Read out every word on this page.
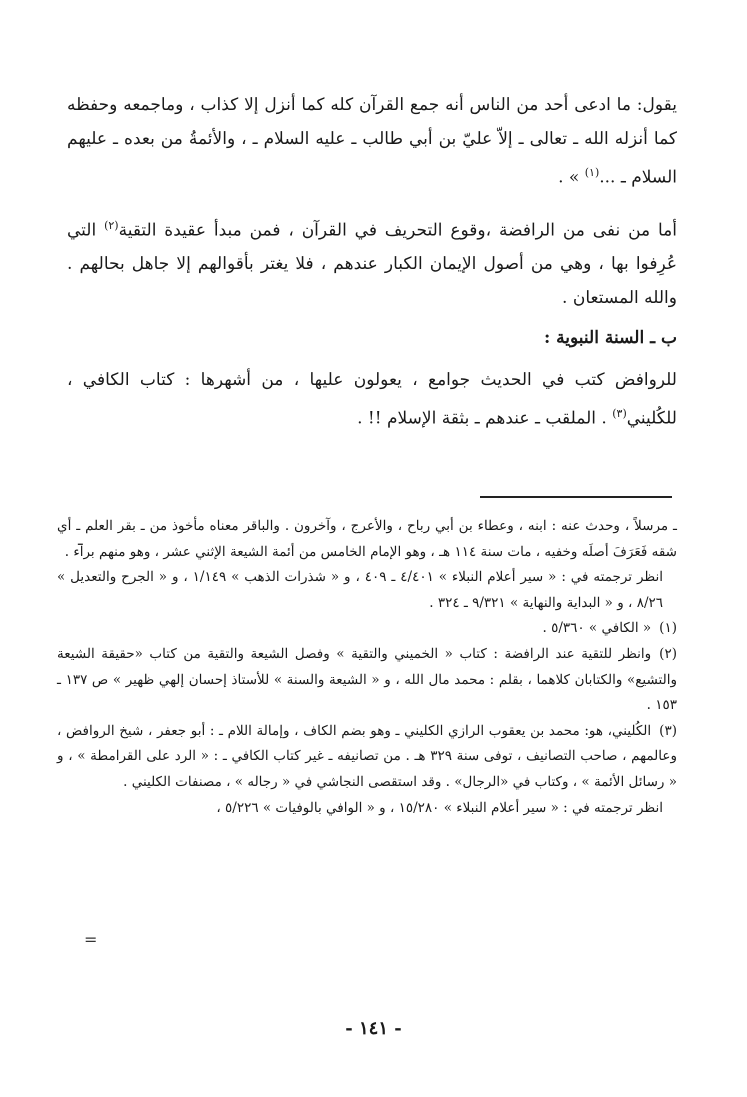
يقول: ما ادعى أحد من الناس أنه جمع القرآن كله كما أنزل إلا كذاب ، وماجمعه وحفظه كما أنزله الله ـ تعالى ـ إلاّ عليّ بن أبي طالب ـ عليه السلام ـ ، والأئمةُ من بعده ـ عليهم السلام ـ ...$^{(١)}$ » .

أما من نفى من الرافضة ،وقوع التحريف في القرآن ، فمن مبدأ عقيدة التقية$^{(٢)}$ التي عُرِفوا بها ، وهي من أصول الإيمان الكبار عندهم ، فلا يغتر بأقوالهم إلا جاهل بحالهم . والله المستعان .

ب ـ السنة النبوية :

للروافض كتب في الحديث جوامع ، يعولون عليها ، من أشهرها : كتاب الكافي ، للكُليني$^{(٣)}$ . الملقب ـ عندهم ـ بثقة الإسلام !! .

ـ

ـ مرسلاً ، وحدث عنه : ابنه ، وعطاء بن أبي رباح ، والأعرج ، وآخرون . والباقر معناه مأخوذ من ـ بقر العلم ـ أي شقه فَعَرَفَ أصلَه وخفيه ، مات سنة ١١٤ هـ ، وهو الإمام الخامس من أئمة الشيعة الإثني عشر ، وهو منهم براء .

انظر ترجمته في : « سير أعلام النبلاء » ٤/٤٠١ ـ ٤٠٩ ، و « شذرات الذهب » ١/١٤٩ ، و « الجرح والتعديل » ٨/٢٦ ، و « البداية والنهاية » ٩/٣٢١ ـ ٣٢٤ .

(١)« الكافي » ٥/٣٦٠ .

(٢)وانظر للتقية عند الرافضة : كتاب « الخميني والتقية » وفصل الشيعة والتقية من كتاب «حقيقة الشيعة والتشيع» والكتابان كلاهما ، بقلم : محمد مال الله ، و « الشيعة والسنة » للأستاذ إحسان إلهي ظهير » ص ١٣٧ ـ ١٥٣ .

(٣)الكُليني، هو: محمد بن يعقوب الرازي الكليني ـ وهو بضم الكاف ، وإمالة اللام ـ : أبو جعفر ، شيخ الروافض ، وعالمهم ، صاحب التصانيف ، توفى سنة ٣٢٩ هـ . من تصانيفه ـ غير كتاب الكافي ـ : « الرد على القرامطة » ، و « رسائل الأئمة » ، وكتاب في «الرجال» . وقد استقصى النجاشي في « رجاله » ، مصنفات الكليني .

انظر ترجمته في : « سير أعلام النبلاء » ١٥/٢٨٠ ، و « الوافي بالوفيات » ٥/٢٢٦ ،

=
- ١٤١ -
